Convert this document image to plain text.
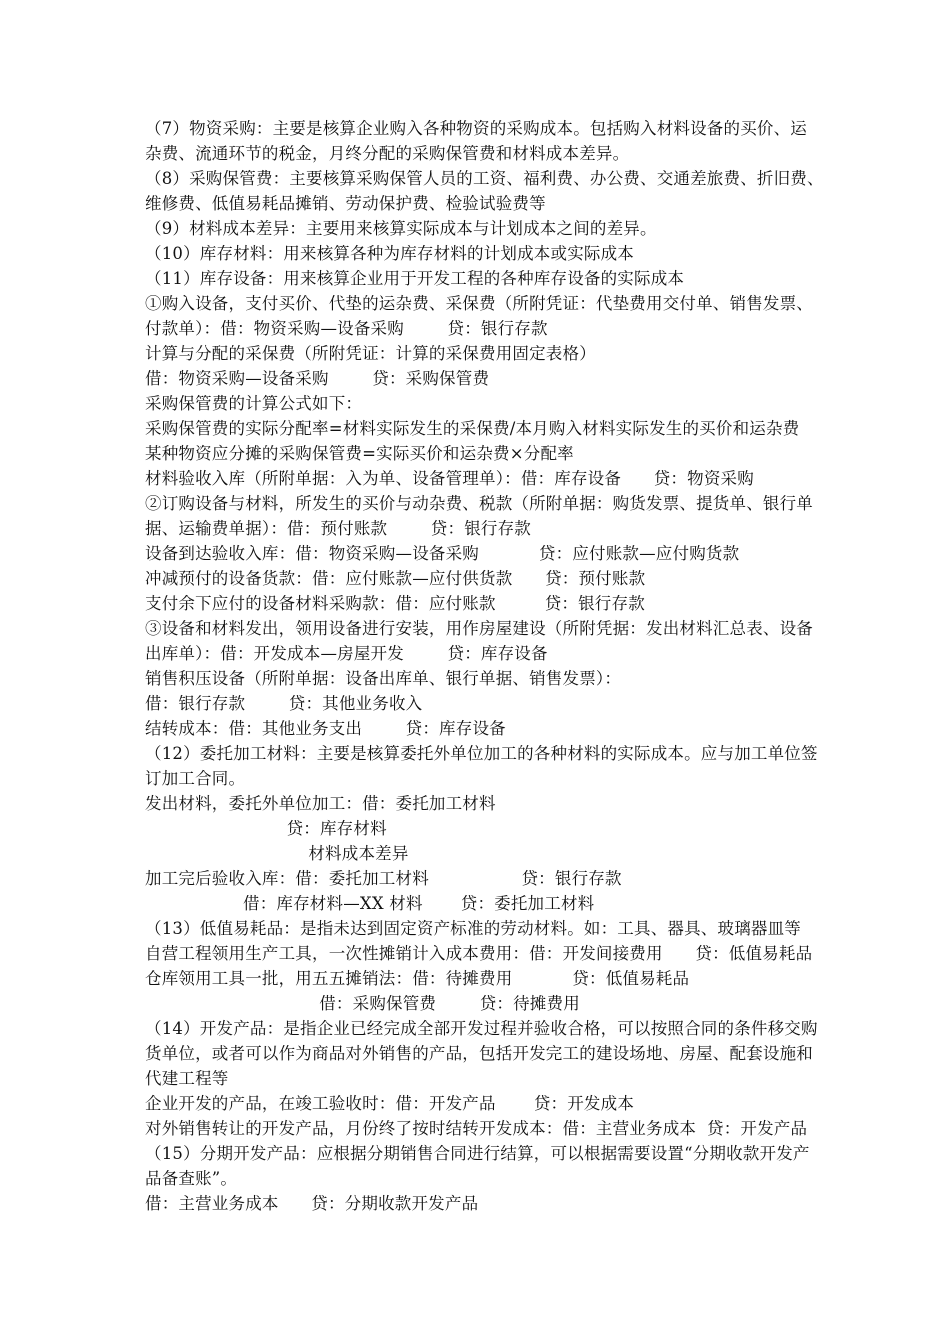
（7）物资采购：主要是核算企业购入各种物资的采购成本。包括购入材料设备的买价、运
杂费、流通环节的税金，月终分配的采购保管费和材料成本差异。
（8）采购保管费：主要核算采购保管人员的工资、福利费、办公费、交通差旅费、折旧费、
维修费、低值易耗品摊销、劳动保护费、检验试验费等
（9）材料成本差异：主要用来核算实际成本与计划成本之间的差异。
（10）库存材料：用来核算各种为库存材料的计划成本或实际成本
（11）库存设备：用来核算企业用于开发工程的各种库存设备的实际成本
①购入设备，支付买价、代垫的运杂费、采保费（所附凭证：代垫费用交付单、销售发票、
付款单）：借：物资采购—设备采购        贷：银行存款
计算与分配的采保费（所附凭证：计算的采保费用固定表格）
借：物资采购—设备采购        贷：采购保管费
采购保管费的计算公式如下：
采购保管费的实际分配率=材料实际发生的采保费/本月购入材料实际发生的买价和运杂费
某种物资应分摊的采购保管费=实际买价和运杂费×分配率
材料验收入库（所附单据：入为单、设备管理单）：借：库存设备      贷：物资采购
②订购设备与材料，所发生的买价与动杂费、税款（所附单据：购货发票、提货单、银行单
据、运输费单据）：借：预付账款        贷：银行存款
设备到达验收入库：借：物资采购—设备采购           贷：应付账款—应付购货款
冲减预付的设备货款：借：应付账款—应付供货款      贷：预付账款
支付余下应付的设备材料采购款：借：应付账款         贷：银行存款
③设备和材料发出，领用设备进行安装，用作房屋建设（所附凭据：发出材料汇总表、设备
出库单）：借：开发成本—房屋开发        贷：库存设备
销售积压设备（所附单据：设备出库单、银行单据、销售发票）：
借：银行存款        贷：其他业务收入
结转成本：借：其他业务支出        贷：库存设备
（12）委托加工材料：主要是核算委托外单位加工的各种材料的实际成本。应与加工单位签
订加工合同。
发出材料，委托外单位加工：借：委托加工材料
贷：库存材料
材料成本差异
加工完后验收入库：借：委托加工材料                 贷：银行存款
借：库存材料—XX 材料       贷：委托加工材料
（13）低值易耗品：是指未达到固定资产标准的劳动材料。如：工具、器具、玻璃器皿等
自营工程领用生产工具，一次性摊销计入成本费用：借：开发间接费用      贷：低值易耗品
仓库领用工具一批，用五五摊销法：借：待摊费用           贷：低值易耗品
借：采购保管费        贷：待摊费用
（14）开发产品：是指企业已经完成全部开发过程并验收合格，可以按照合同的条件移交购
货单位，或者可以作为商品对外销售的产品，包括开发完工的建设场地、房屋、配套设施和
代建工程等
企业开发的产品，在竣工验收时：借：开发产品       贷：开发成本
对外销售转让的开发产品，月份终了按时结转开发成本：借：主营业务成本  贷：开发产品
（15）分期开发产品：应根据分期销售合同进行结算，可以根据需要设置“分期收款开发产
品备查账”。
借：主营业务成本      贷：分期收款开发产品
